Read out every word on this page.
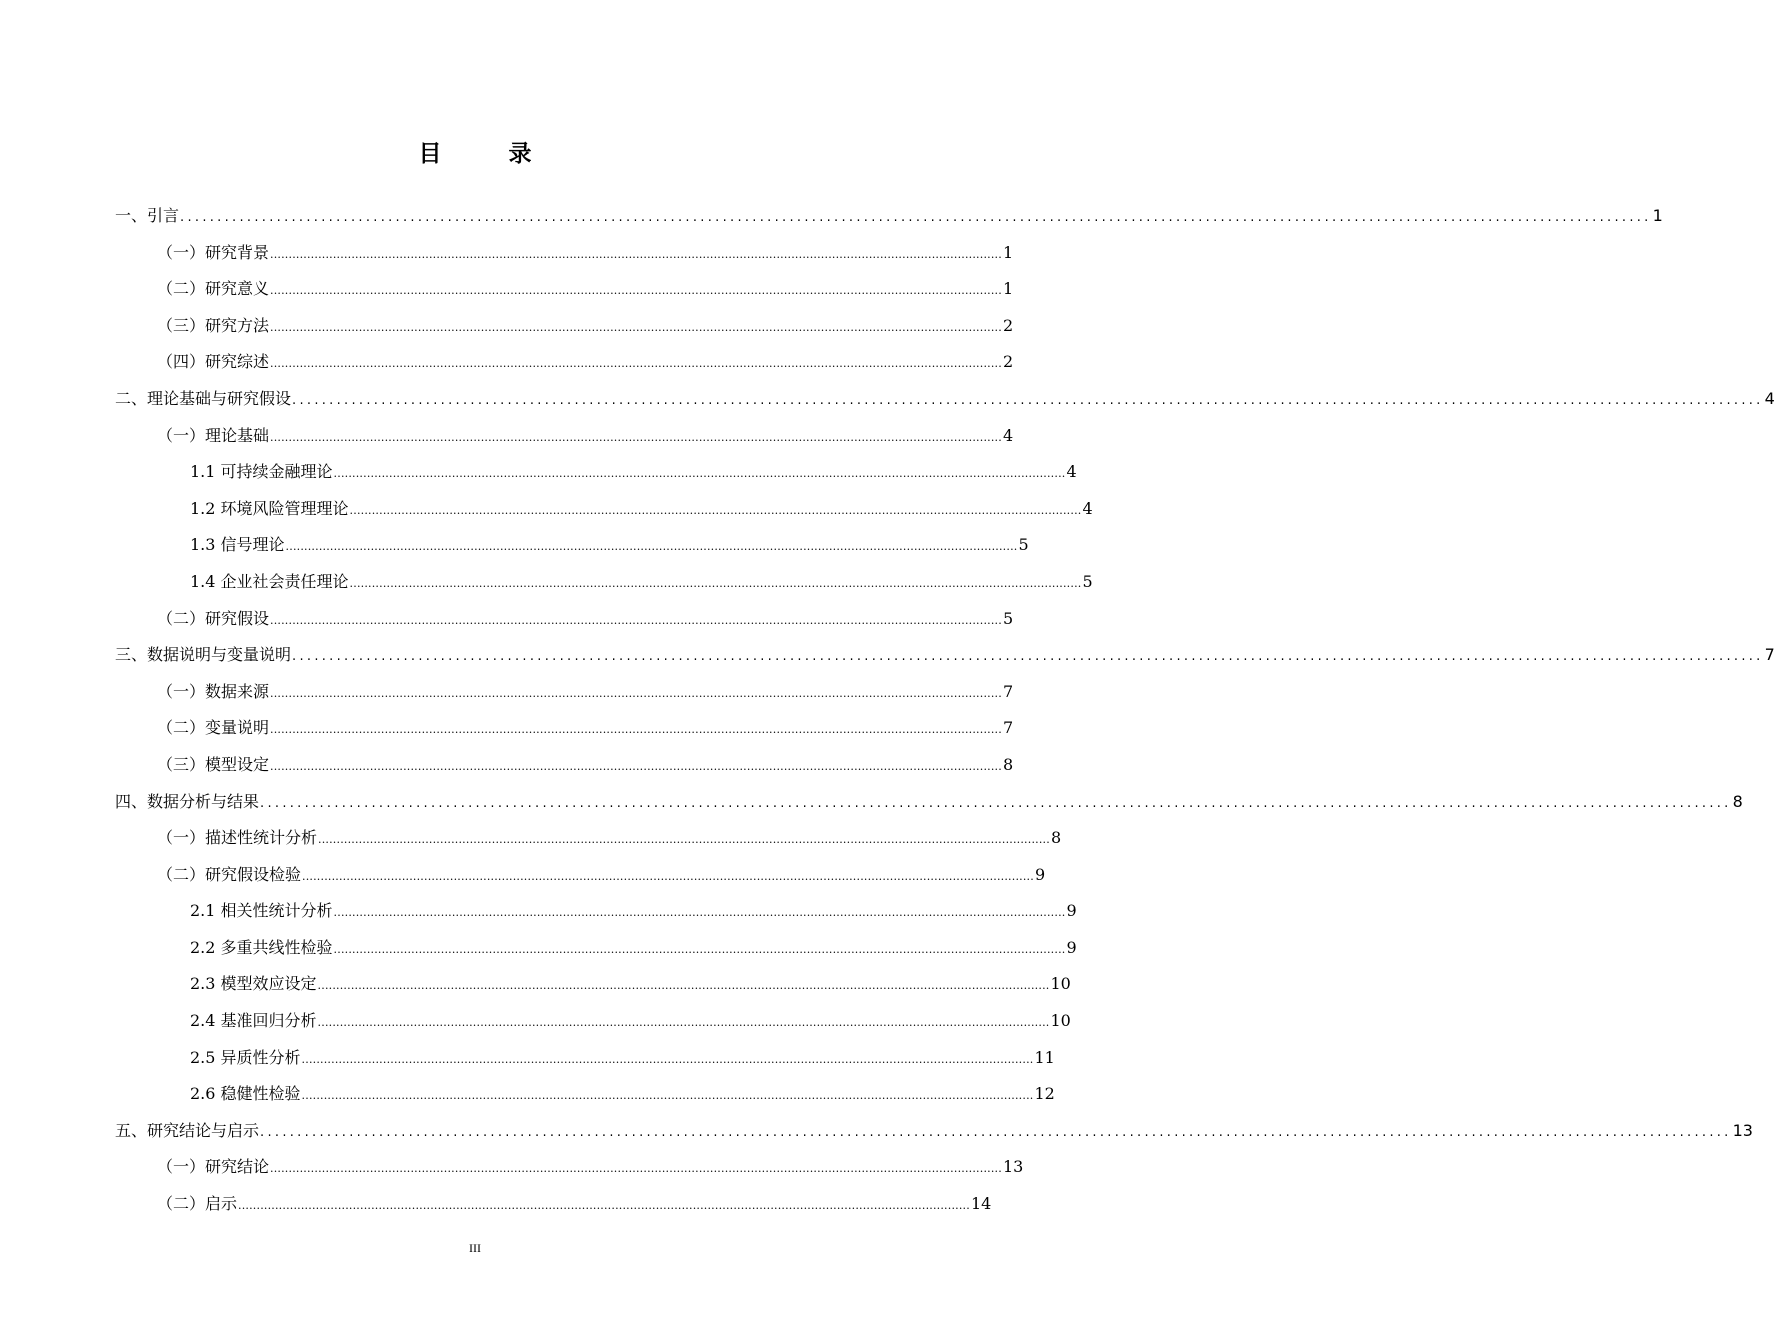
目　录
一、引言 ...................................................................................................................................................................................................... 1
（一）研究背景 ...................................................................................................................................................................................................... 1
（二）研究意义 ...................................................................................................................................................................................................... 1
（三）研究方法 ...................................................................................................................................................................................................... 2
（四）研究综述 ...................................................................................................................................................................................................... 2
二、理论基础与研究假设 ...................................................................................................................................................................................................... 4
（一）理论基础 ...................................................................................................................................................................................................... 4
1.1 可持续金融理论 ...................................................................................................................................................................................................... 4
1.2 环境风险管理理论 ...................................................................................................................................................................................................... 4
1.3 信号理论 ...................................................................................................................................................................................................... 5
1.4 企业社会责任理论 ...................................................................................................................................................................................................... 5
（二）研究假设 ...................................................................................................................................................................................................... 5
三、数据说明与变量说明 ...................................................................................................................................................................................................... 7
（一）数据来源 ...................................................................................................................................................................................................... 7
（二）变量说明 ...................................................................................................................................................................................................... 7
（三）模型设定 ...................................................................................................................................................................................................... 8
四、数据分析与结果 ...................................................................................................................................................................................................... 8
（一）描述性统计分析 ...................................................................................................................................................................................................... 8
（二）研究假设检验 ...................................................................................................................................................................................................... 9
2.1 相关性统计分析 ...................................................................................................................................................................................................... 9
2.2 多重共线性检验 ...................................................................................................................................................................................................... 9
2.3 模型效应设定 ...................................................................................................................................................................................................... 10
2.4 基准回归分析 ...................................................................................................................................................................................................... 10
2.5 异质性分析 ...................................................................................................................................................................................................... 11
2.6 稳健性检验 ...................................................................................................................................................................................................... 12
五、研究结论与启示 ...................................................................................................................................................................................................... 13
（一）研究结论 ...................................................................................................................................................................................................... 13
（二）启示 ...................................................................................................................................................................................................... 14
III
